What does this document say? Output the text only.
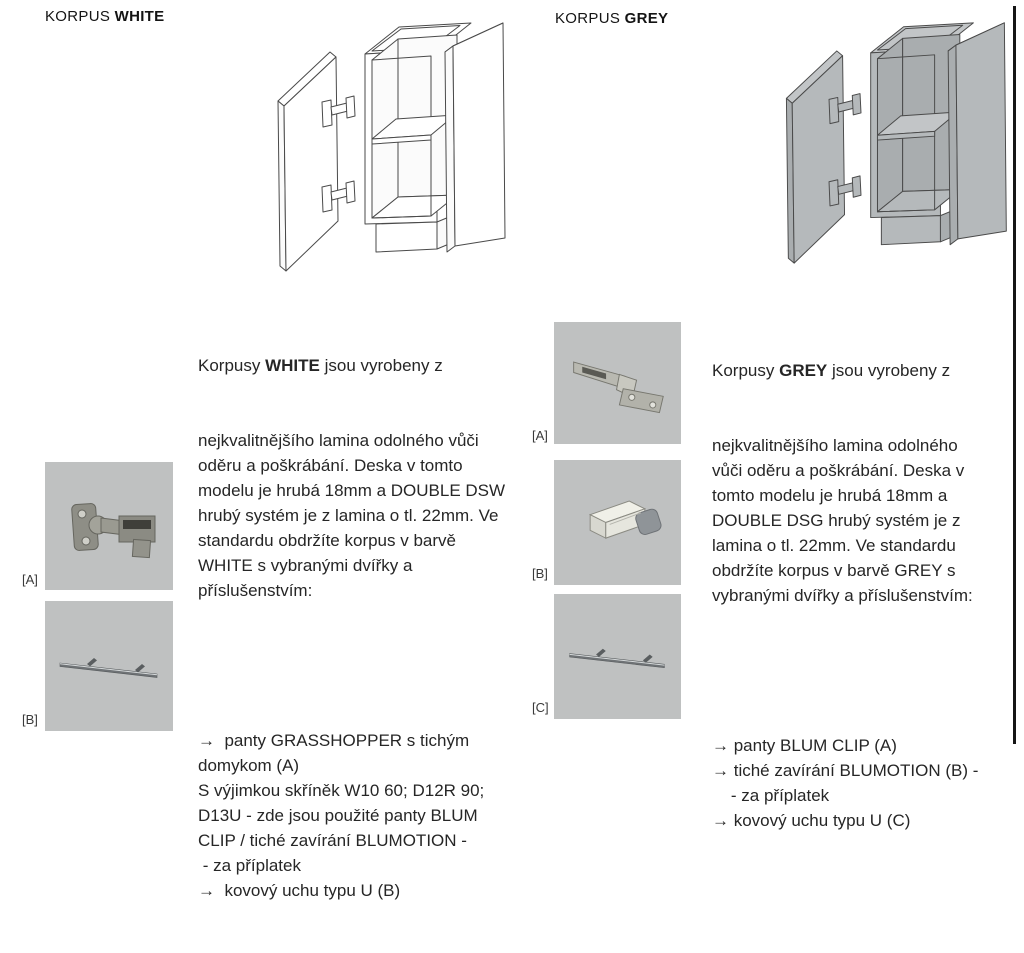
KORPUS WHITE

Korpusy WHITE jsou vyrobeny z

nejkvalitnějšího lamina odolného vůči
oděru a poškrábání. Deska v tomto
modelu je hrubá 18mm a DOUBLE DSW
hrubý systém je z lamina o tl. 22mm. Ve
standardu obdržíte korpus v barvě
WHITE s vybranými dvířky a
příslušenstvím:

→  panty GRASSHOPPER s tichým
domykom (A)
S výjimkou skříněk W10 60; D12R 90;
D13U - zde jsou použité panty BLUM
CLIP / tiché zavírání BLUMOTION -
- za příplatek
→  kovový uchu typu U (B)

[A]
[B]
KORPUS GREY
[A]
[B]
[C]

Korpusy GREY jsou vyrobeny z

nejkvalitnějšího lamina odolného
vůči oděru a poškrábání. Deska v
tomto modelu je hrubá 18mm a
DOUBLE DSG hrubý systém je z
lamina o tl. 22mm. Ve standardu
obdržíte korpus v barvě GREY s
vybranými dvířky a příslušenstvím:

→ panty BLUM CLIP (A)
→ tiché zavírání BLUMOTION (B) -
- za příplatek
→ kovový uchu typu U (C)
